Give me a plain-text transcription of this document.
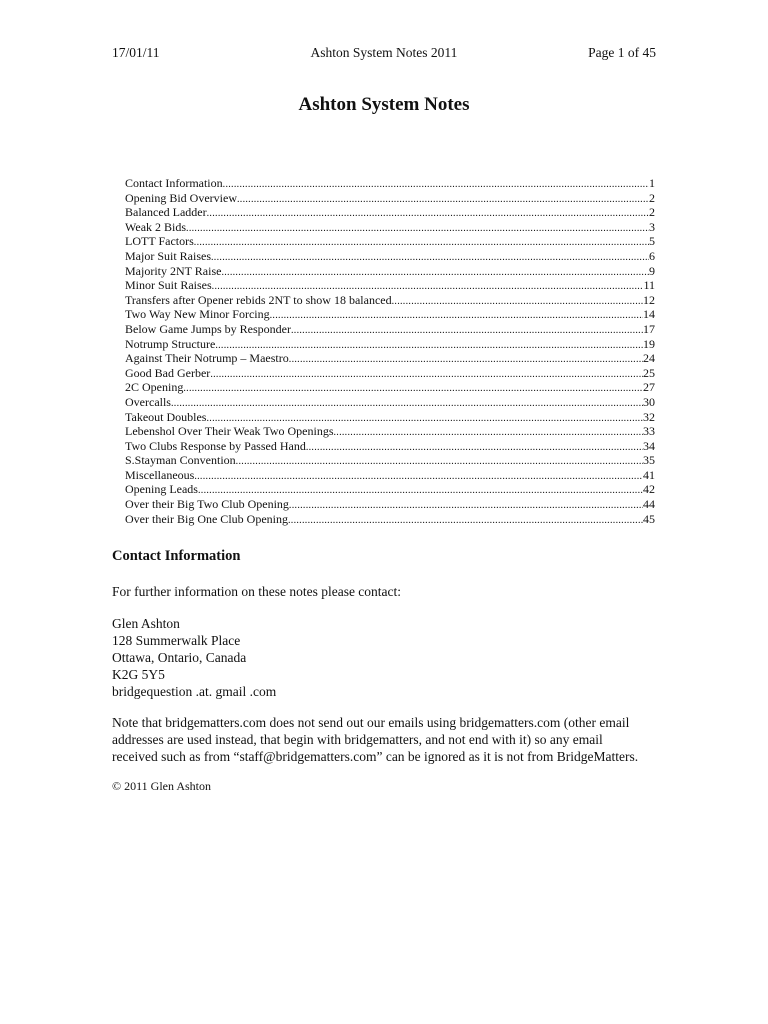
17/01/11	Ashton System Notes 2011	Page 1 of 45
Ashton System Notes
Contact Information .....	1
Opening Bid Overview .....	2
Balanced Ladder .....	2
Weak 2 Bids .....	3
LOTT Factors .....	5
Major Suit Raises .....	6
Majority 2NT Raise .....	9
Minor Suit Raises .....	11
Transfers after Opener rebids 2NT to show 18 balanced .....	12
Two Way New Minor Forcing .....	14
Below Game Jumps by Responder .....	17
Notrump Structure .....	19
Against Their Notrump – Maestro .....	24
Good Bad Gerber .....	25
2C Opening .....	27
Overcalls .....	30
Takeout Doubles .....	32
Lebenshol Over Their Weak Two Openings .....	33
Two Clubs Response by Passed Hand .....	34
S.Stayman Convention .....	35
Miscellaneous .....	41
Opening Leads .....	42
Over their Big Two Club Opening .....	44
Over their Big One Club Opening .....	45
Contact Information

For further information on these notes please contact:

Glen Ashton
128 Summerwalk Place
Ottawa, Ontario, Canada
K2G 5Y5
bridgequestion .at. gmail .com
Note that bridgematters.com does not send out our emails using bridgematters.com (other email
addresses are used instead, that begin with bridgematters, and not end with it) so any email
received such as from “staff@bridgematters.com” can be ignored as it is not from BridgeMatters.
© 2011 Glen Ashton
